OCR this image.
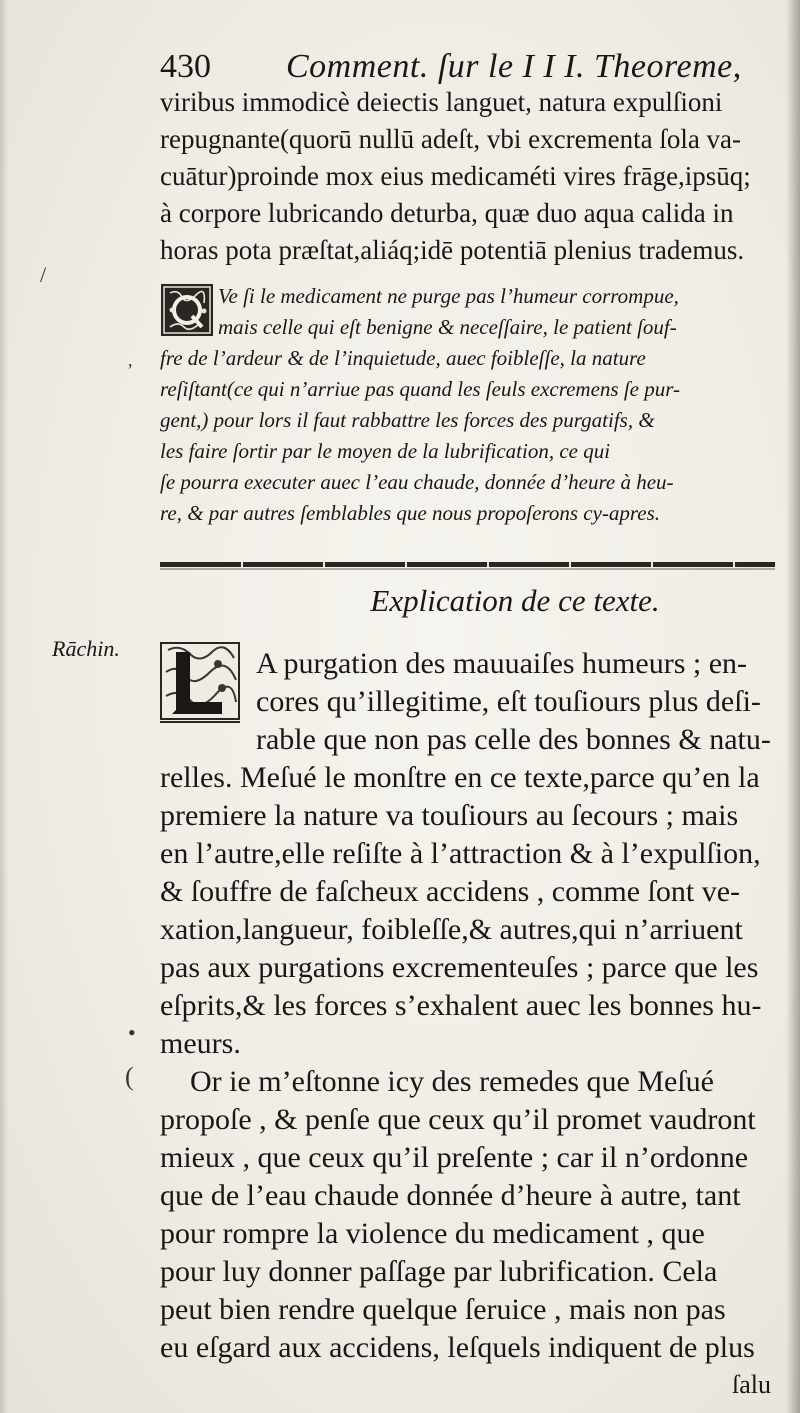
/
,
•
(
430 Comment. ſur le I I I. Theoreme,
viribus immodicè deiectis languet, natura expulſioni
repugnante(quorū nullū adeſt, vbi excrementa ſola va-
cuātur)proinde mox eius medicaméti vires frāge,ipsūq;
à corpore lubricando deturba, quæ duo aqua calida in
horas pota præſtat,aliáq;idē potentiā plenius trademus.
Ve ſi le medicament ne purge pas l’humeur corrompue,
mais celle qui eſt benigne & neceſſaire, le patient ſouf-
fre de l’ardeur & de l’inquietude, auec foibleſſe, la nature
reſiſtant(ce qui n’arriue pas quand les ſeuls excremens ſe pur-
gent,) pour lors il faut rabbattre les forces des purgatifs, &
les faire ſortir par le moyen de la lubrification, ce qui
ſe pourra executer auec l’eau chaude, donnée d’heure à heu-
re, & par autres ſemblables que nous propoſerons cy-apres.
Explication de ce texte.
Rāchin.	A purgation des mauuaiſes humeurs ; en-
cores qu’illegitime, eſt touſiours plus deſi-
rable que non pas celle des bonnes & natu-
relles. Meſué le monſtre en ce texte,parce qu’en la
premiere la nature va touſiours au ſecours ; mais
en l’autre,elle reſiſte à l’attraction & à l’expulſion,
& ſouffre de faſcheux accidens , comme ſont ve-
xation,langueur, foibleſſe,& autres,qui n’arriuent
pas aux purgations excrementeuſes ; parce que les
eſprits,& les forces s’exhalent auec les bonnes hu-
meurs.
Or ie m’eſtonne icy des remedes que Meſué
propoſe , & penſe que ceux qu’il promet vaudront
mieux , que ceux qu’il preſente ; car il n’ordonne
que de l’eau chaude donnée d’heure à autre, tant
pour rompre la violence du medicament , que
pour luy donner paſſage par lubrification. Cela
peut bien rendre quelque ſeruice , mais non pas
eu eſgard aux accidens, leſquels indiquent de plus
ſalu
